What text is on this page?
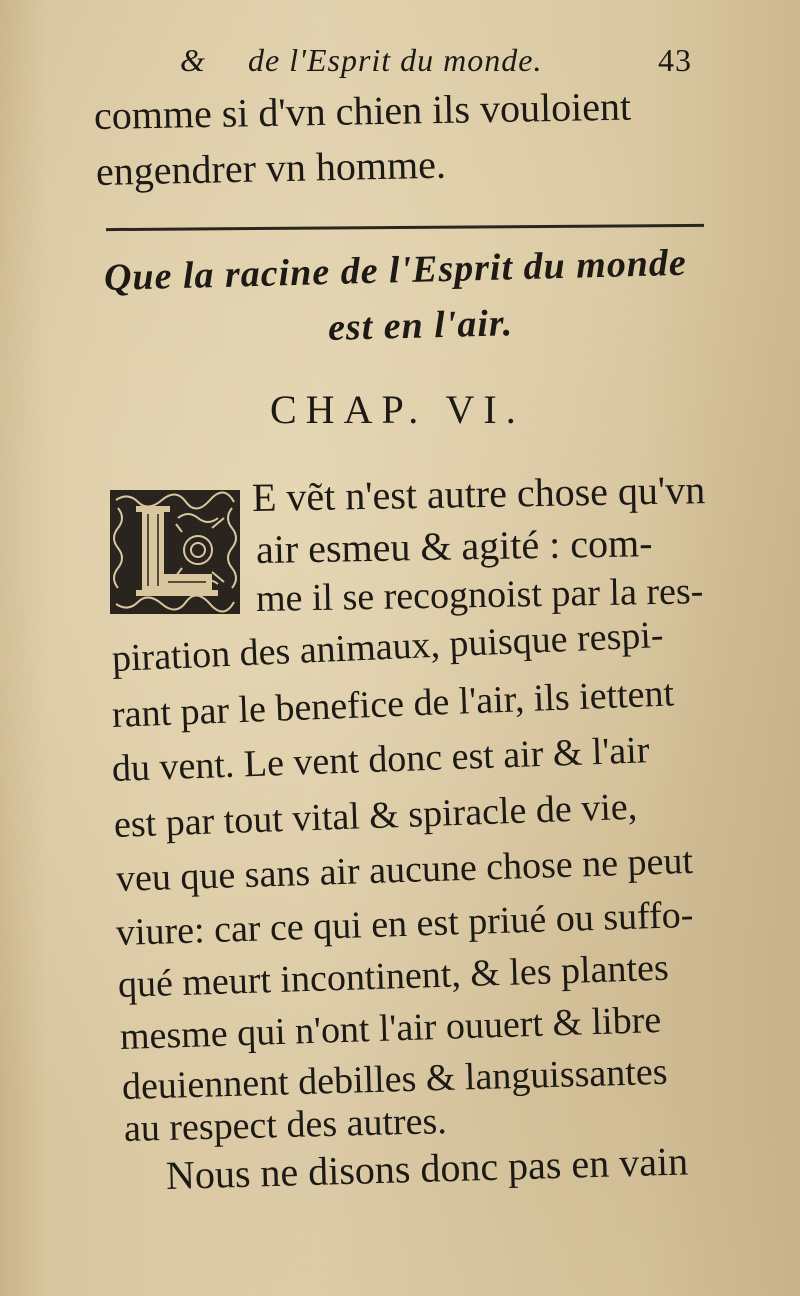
& de l'Esprit du monde.	43
comme si d'vn chien ils vouloient
engendrer vn homme.
Que la racine de l'Esprit du monde
est en l'air.
CHAP. VI.
L	E vẽt n'est autre chose qu'vn
air esmeu & agité : com-
me il se recognoist par la res-
piration des animaux, puisque respi-
rant par le benefice de l'air, ils iettent
du vent. Le vent donc est air & l'air
est par tout vital & spiracle de vie,
veu que sans air aucune chose ne peut
viure: car ce qui en est priué ou suffo-
qué meurt incontinent, & les plantes
mesme qui n'ont l'air ouuert & libre
deuiennent debilles & languissantes
au respect des autres.
Nous ne disons donc pas en vain
